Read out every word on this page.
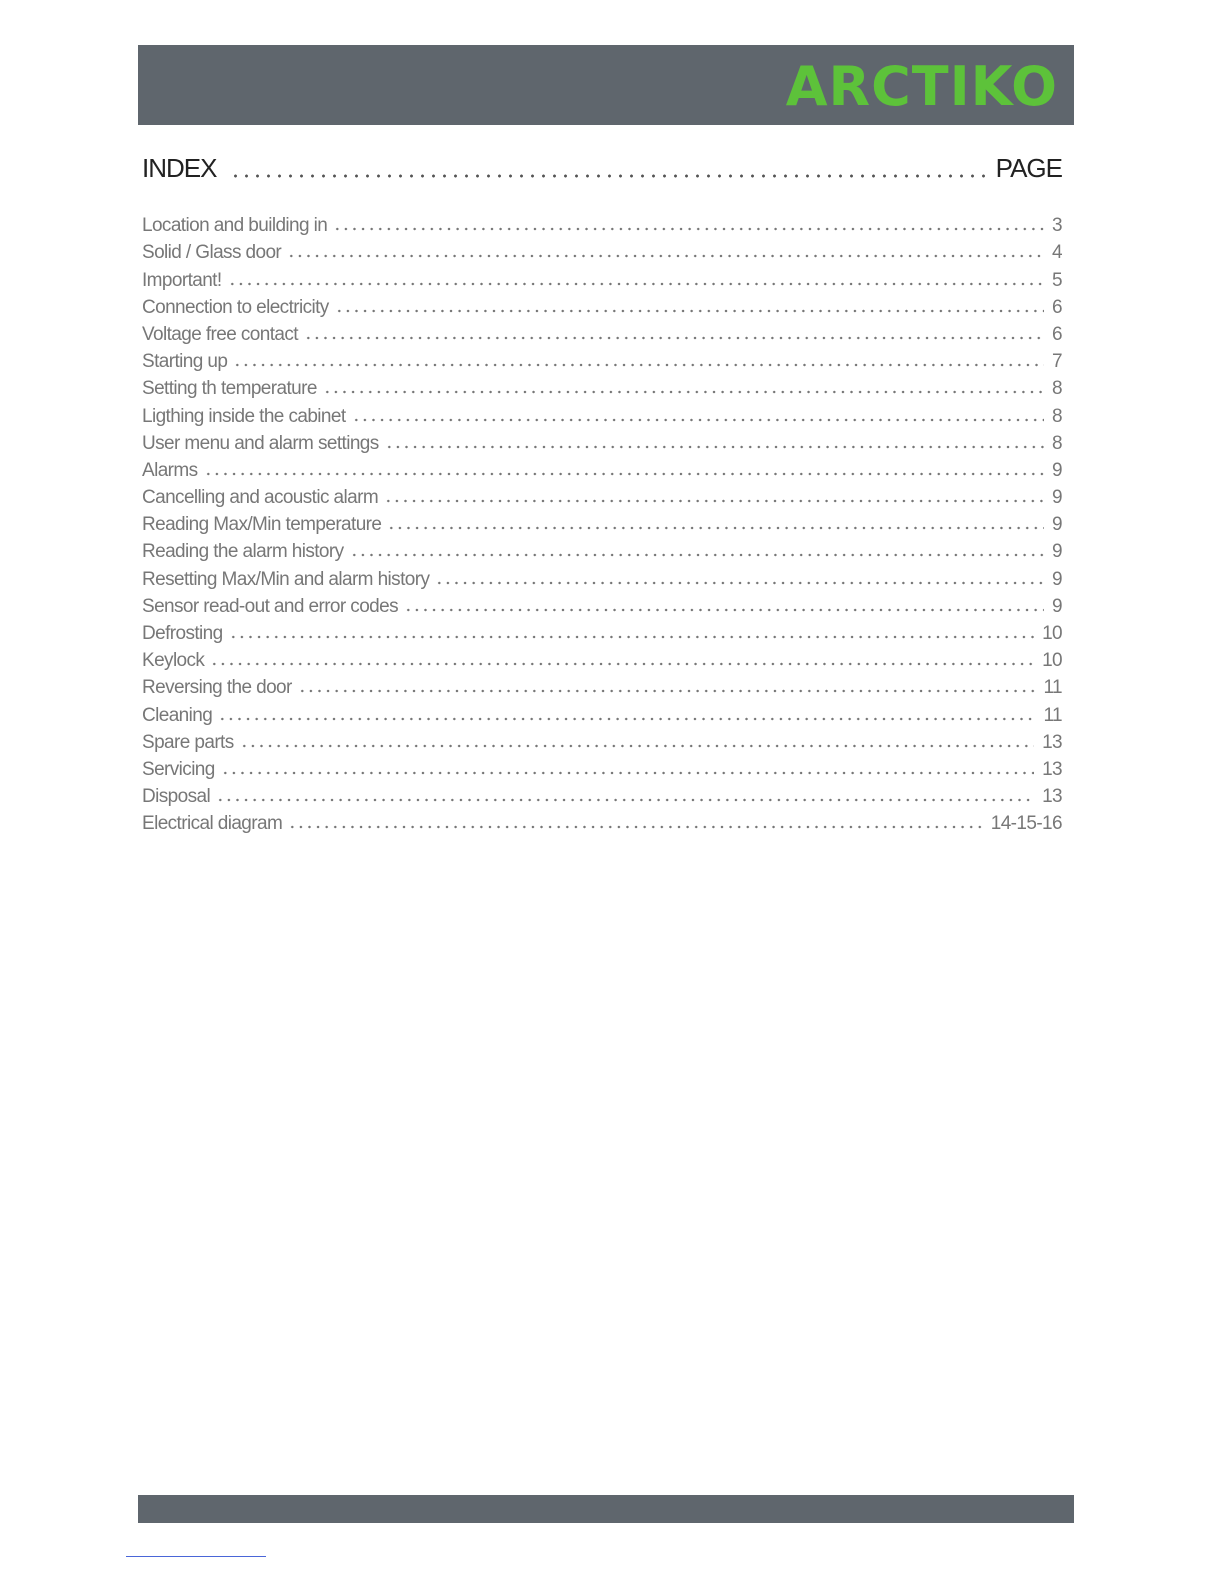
ARCTIKO
INDEX	PAGE
Location and building in	3
Solid / Glass door	4
Important!	5
Connection to electricity	6
Voltage free contact	6
Starting up	7
Setting th temperature	8
Ligthing inside the cabinet	8
User menu and alarm settings	8
Alarms	9
Cancelling and acoustic alarm	9
Reading Max/Min temperature	9
Reading the alarm history	9
Resetting Max/Min and alarm history	9
Sensor read-out and error codes	9
Defrosting	10
Keylock	10
Reversing the door	11
Cleaning	11
Spare parts	13
Servicing	13
Disposal	13
Electrical diagram	14-15-16
